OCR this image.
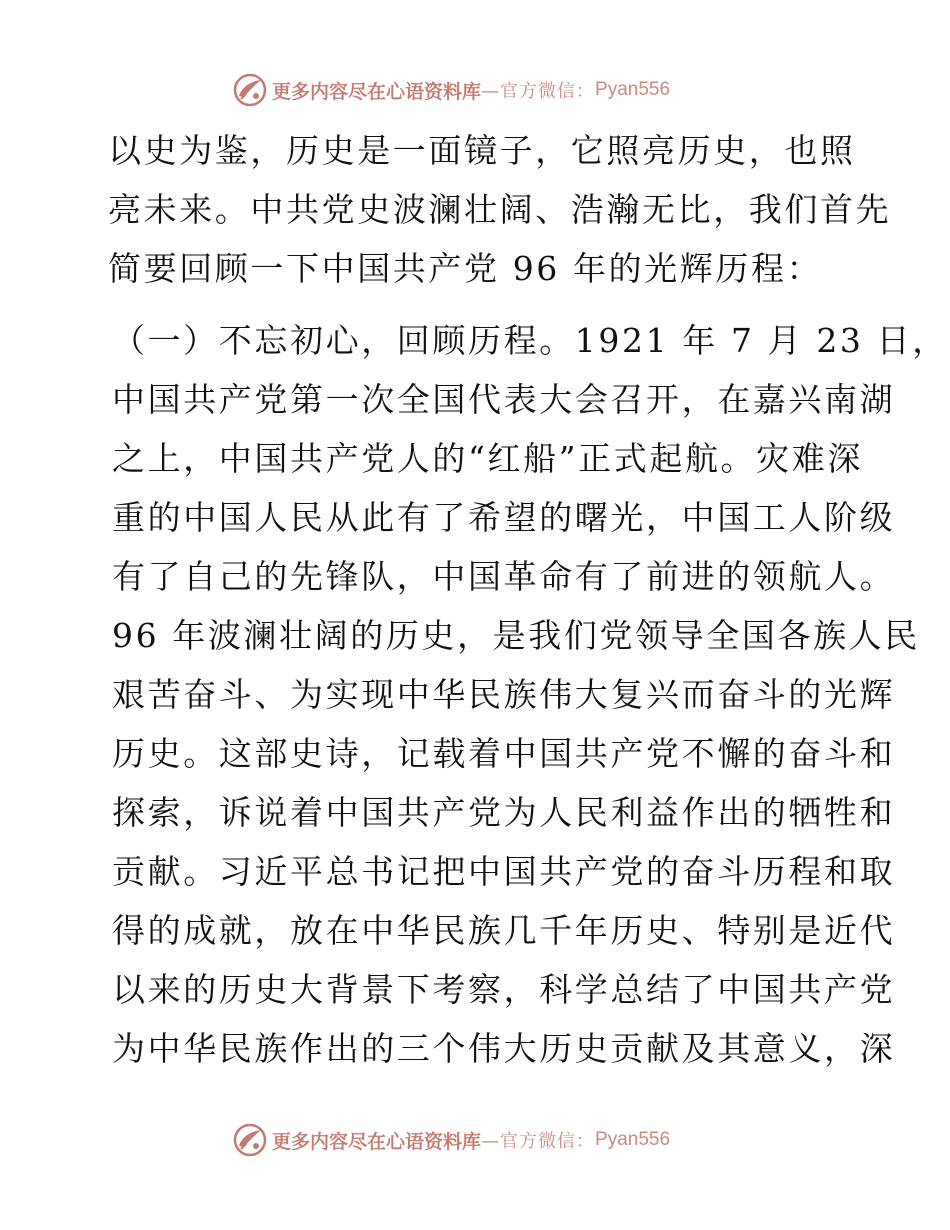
更多内容尽在心语资料库 —官方微信： Pyan556
以史为鉴，历史是一面镜子，它照亮历史，也照
亮未来。中共党史波澜壮阔、浩瀚无比，我们首先
简要回顾一下中国共产党 96 年的光辉历程：
（一）不忘初心，回顾历程。1921 年 7 月 23 日，
中国共产党第一次全国代表大会召开，在嘉兴南湖
之上，中国共产党人的“红船”正式起航。灾难深
重的中国人民从此有了希望的曙光，中国工人阶级
有了自己的先锋队，中国革命有了前进的领航人。
96 年波澜壮阔的历史，是我们党领导全国各族人民
艰苦奋斗、为实现中华民族伟大复兴而奋斗的光辉
历史。这部史诗，记载着中国共产党不懈的奋斗和
探索，诉说着中国共产党为人民利益作出的牺牲和
贡献。习近平总书记把中国共产党的奋斗历程和取
得的成就，放在中华民族几千年历史、特别是近代
以来的历史大背景下考察，科学总结了中国共产党
为中华民族作出的三个伟大历史贡献及其意义，深
更多内容尽在心语资料库 —官方微信： Pyan556
